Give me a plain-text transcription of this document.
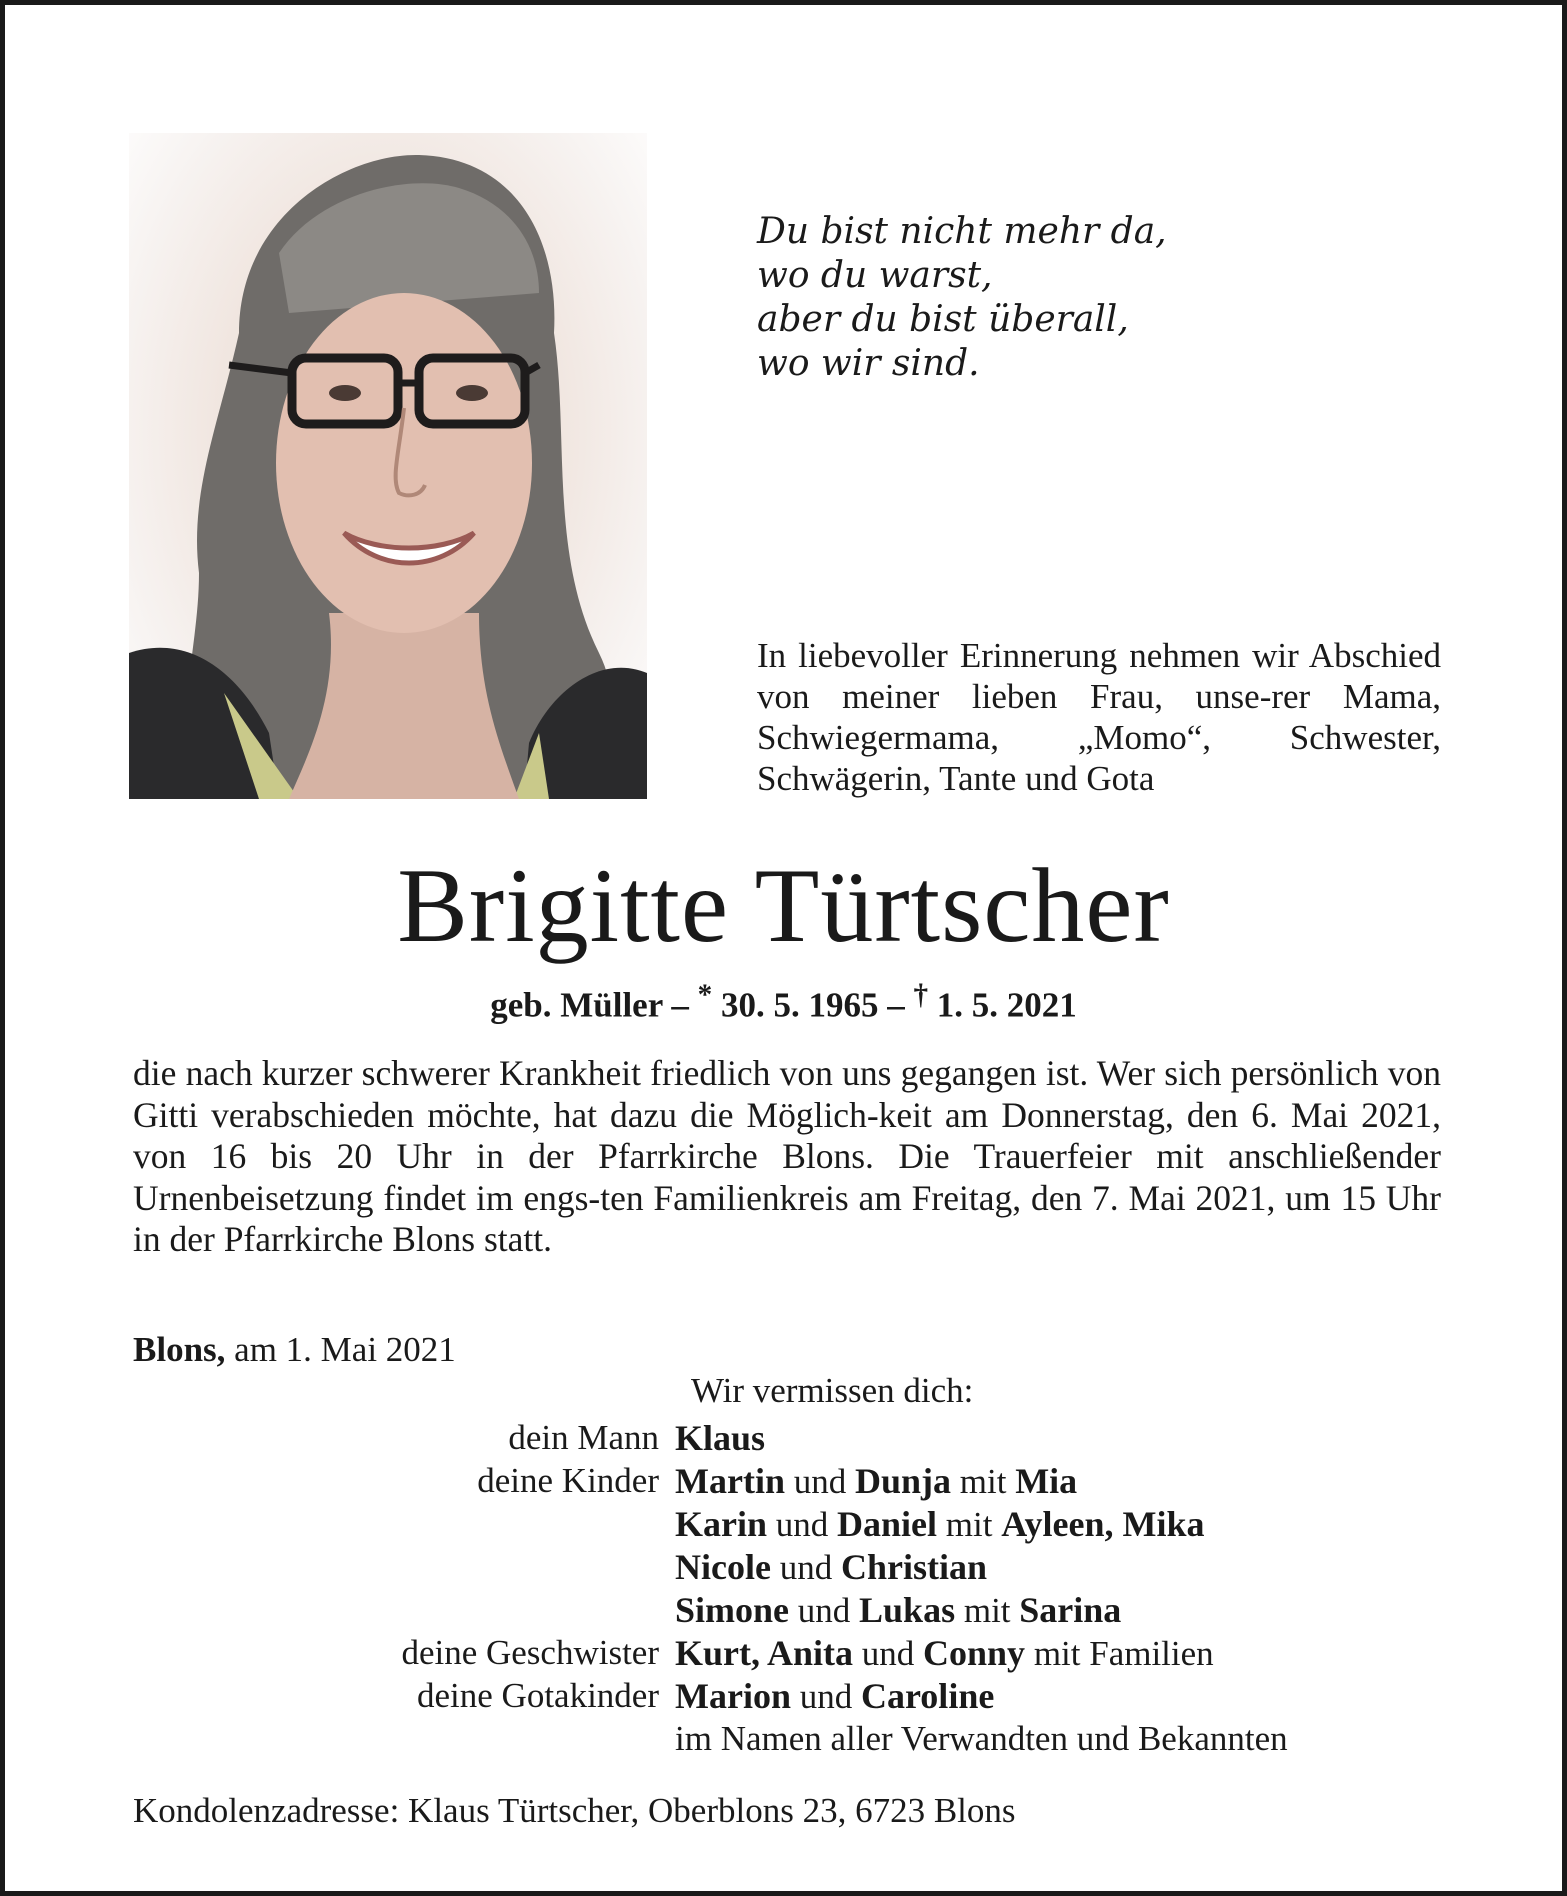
Du bist nicht mehr da,
wo du warst,
aber du bist überall,
wo wir sind.
In liebevoller Erinnerung nehmen wir Abschied von meiner lieben Frau, unse-rer Mama, Schwiegermama, „Momo“, Schwester, Schwägerin, Tante und Gota
Brigitte Türtscher
geb. Müller – * 30. 5. 1965 – † 1. 5. 2021
die nach kurzer schwerer Krankheit friedlich von uns gegangen ist. Wer sich persönlich von Gitti verabschieden möchte, hat dazu die Möglich-keit am Donnerstag, den 6. Mai 2021, von 16 bis 20 Uhr in der Pfarrkirche Blons. Die Trauerfeier mit anschließender Urnenbeisetzung findet im engs-ten Familienkreis am Freitag, den 7. Mai 2021, um 15 Uhr in der Pfarrkirche Blons statt.
Blons, am 1. Mai 2021
Wir vermissen dich:
dein Mann Klaus
deine Kinder Martin und Dunja mit Mia
Karin und Daniel mit Ayleen, Mika
Nicole und Christian
Simone und Lukas mit Sarina
deine Geschwister Kurt, Anita und Conny mit Familien
deine Gotakinder Marion und Caroline
im Namen aller Verwandten und Bekannten
Kondolenzadresse: Klaus Türtscher, Oberblons 23, 6723 Blons
